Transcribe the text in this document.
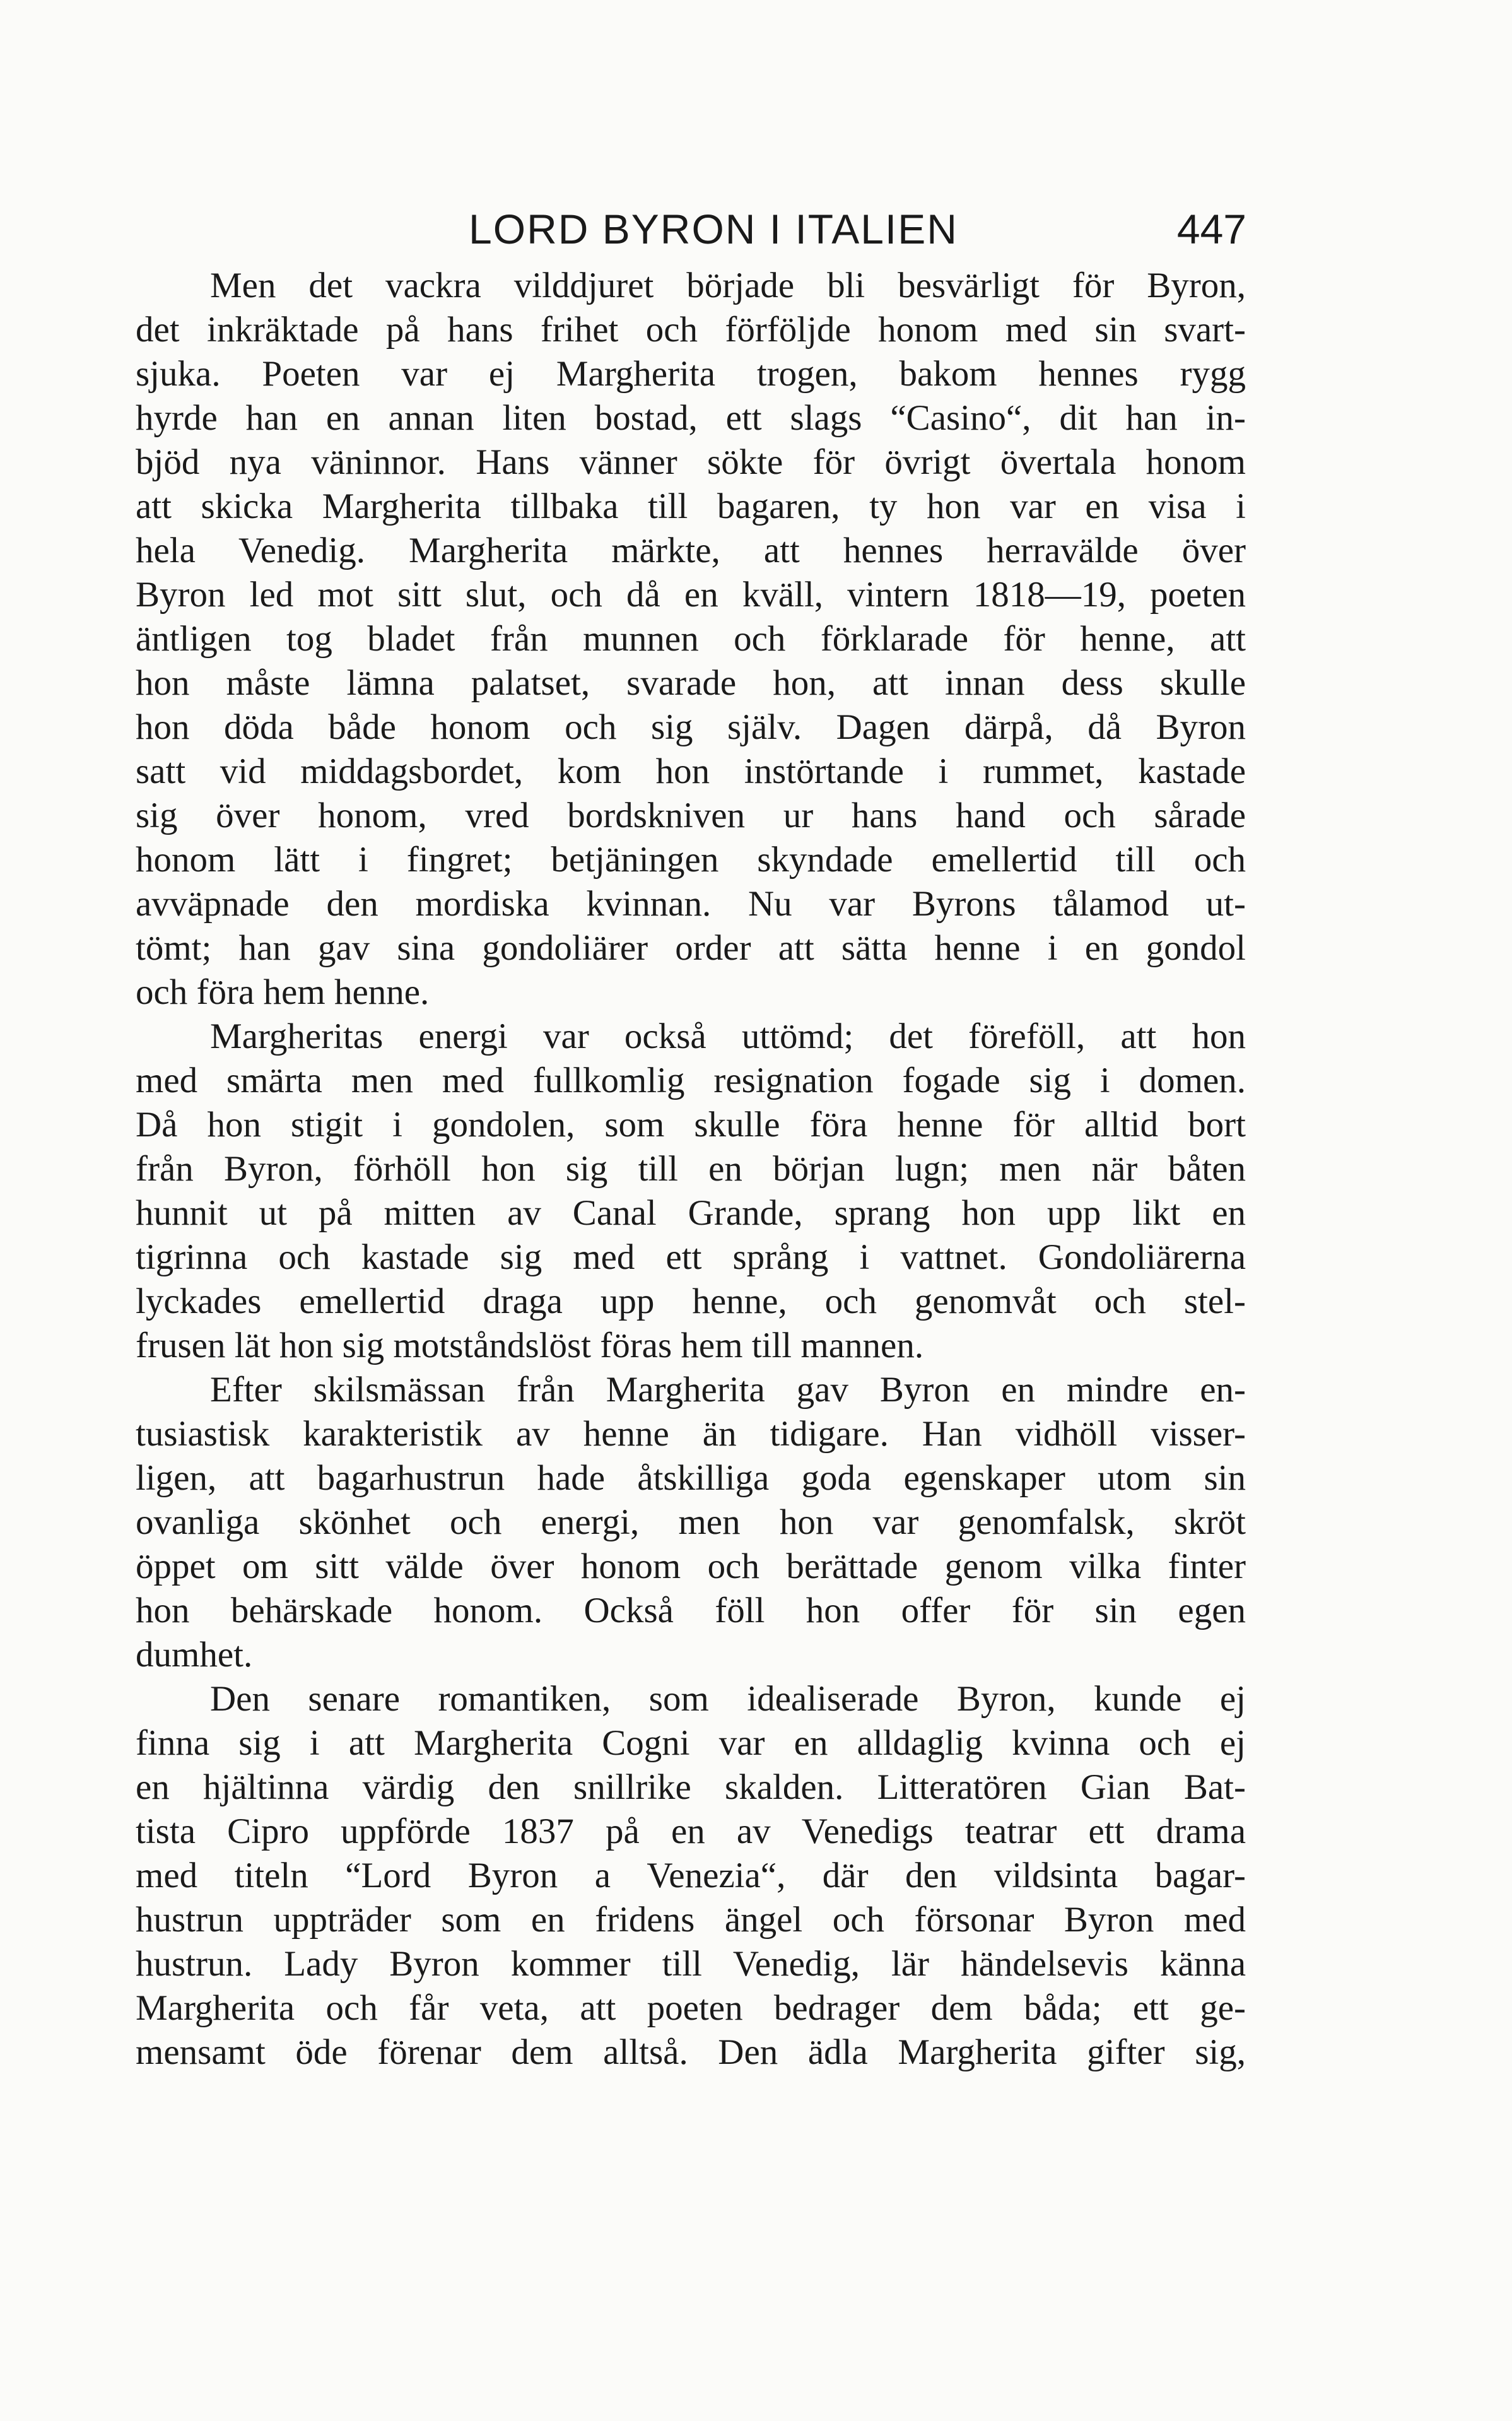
LORD BYRON I ITALIEN	447
Men det vackra vilddjuret började bli besvärligt för Byron,
det inkräktade på hans frihet och förföljde honom med sin svart-
sjuka. Poeten var ej Margherita trogen, bakom hennes rygg
hyrde han en annan liten bostad, ett slags “Casino“, dit han in-
bjöd nya väninnor. Hans vänner sökte för övrigt övertala honom
att skicka Margherita tillbaka till bagaren, ty hon var en visa i
hela Venedig. Margherita märkte, att hennes herravälde över
Byron led mot sitt slut, och då en kväll, vintern 1818—19, poeten
äntligen tog bladet från munnen och förklarade för henne, att
hon måste lämna palatset, svarade hon, att innan dess skulle
hon döda både honom och sig själv. Dagen därpå, då Byron
satt vid middagsbordet, kom hon instörtande i rummet, kastade
sig över honom, vred bordskniven ur hans hand och sårade
honom lätt i fingret; betjäningen skyndade emellertid till och
avväpnade den mordiska kvinnan. Nu var Byrons tålamod ut-
tömt; han gav sina gondoliärer order att sätta henne i en gondol
och föra hem henne.
Margheritas energi var också uttömd; det föreföll, att hon
med smärta men med fullkomlig resignation fogade sig i domen.
Då hon stigit i gondolen, som skulle föra henne för alltid bort
från Byron, förhöll hon sig till en början lugn; men när båten
hunnit ut på mitten av Canal Grande, sprang hon upp likt en
tigrinna och kastade sig med ett språng i vattnet. Gondoliärerna
lyckades emellertid draga upp henne, och genomvåt och stel-
frusen lät hon sig motståndslöst föras hem till mannen.
Efter skilsmässan från Margherita gav Byron en mindre en-
tusiastisk karakteristik av henne än tidigare. Han vidhöll visser-
ligen, att bagarhustrun hade åtskilliga goda egenskaper utom sin
ovanliga skönhet och energi, men hon var genomfalsk, skröt
öppet om sitt välde över honom och berättade genom vilka finter
hon behärskade honom. Också föll hon offer för sin egen
dumhet.
Den senare romantiken, som idealiserade Byron, kunde ej
finna sig i att Margherita Cogni var en alldaglig kvinna och ej
en hjältinna värdig den snillrike skalden. Litteratören Gian Bat-
tista Cipro uppförde 1837 på en av Venedigs teatrar ett drama
med titeln “Lord Byron a Venezia“, där den vildsinta bagar-
hustrun uppträder som en fridens ängel och försonar Byron med
hustrun. Lady Byron kommer till Venedig, lär händelsevis känna
Margherita och får veta, att poeten bedrager dem båda; ett ge-
mensamt öde förenar dem alltså. Den ädla Margherita gifter sig,
